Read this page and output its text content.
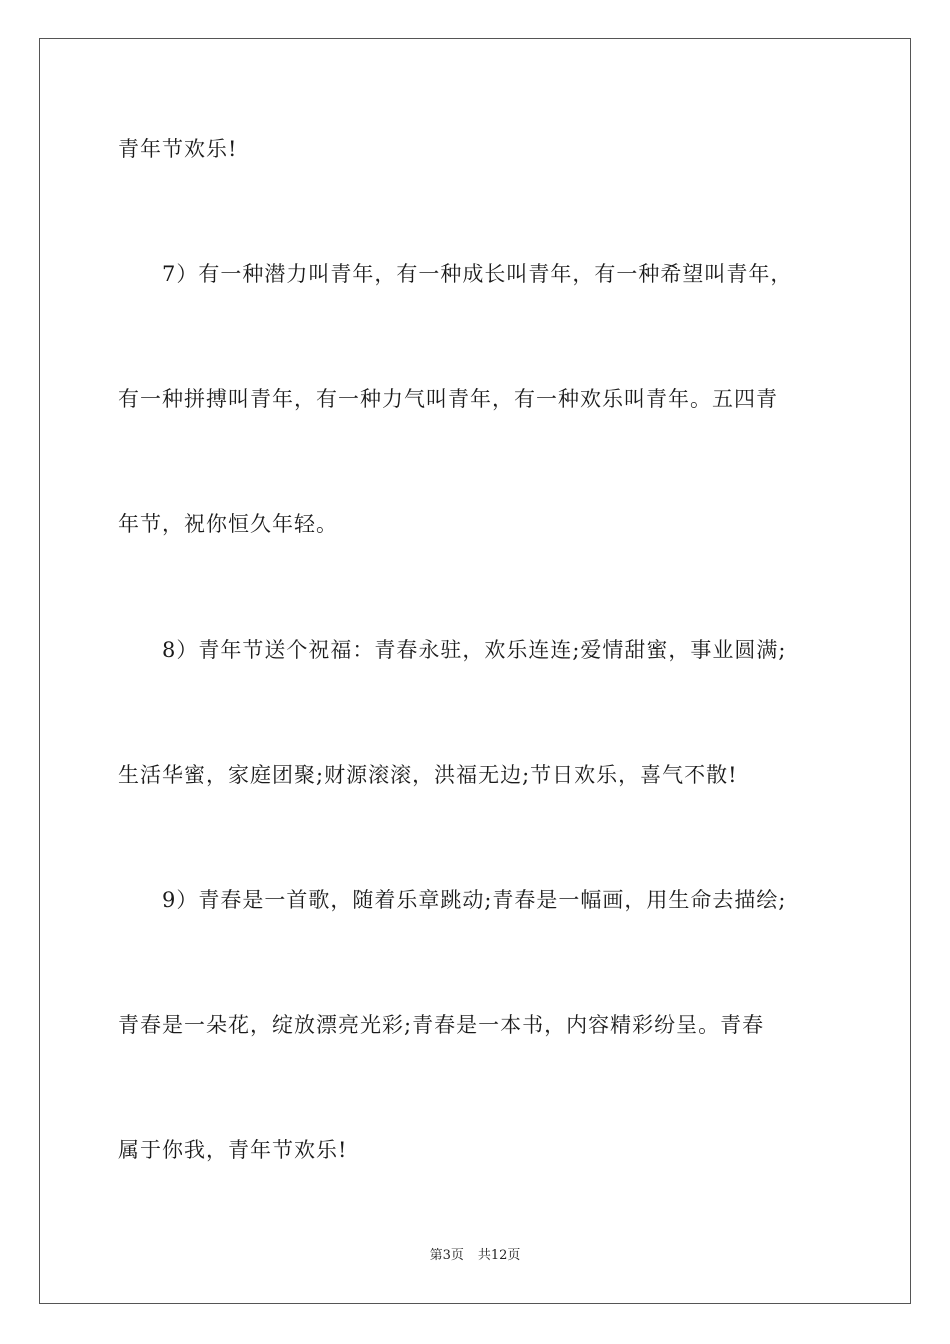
青年节欢乐!

7）有一种潜力叫青年，有一种成长叫青年，有一种希望叫青年，

有一种拼搏叫青年，有一种力气叫青年，有一种欢乐叫青年。五四青

年节，祝你恒久年轻。

8）青年节送个祝福：青春永驻，欢乐连连;爱情甜蜜，事业圆满;

生活华蜜，家庭团聚;财源滚滚，洪福无边;节日欢乐，喜气不散!

9）青春是一首歌，随着乐章跳动;青春是一幅画，用生命去描绘;

青春是一朵花，绽放漂亮光彩;青春是一本书，内容精彩纷呈。青春

属于你我，青年节欢乐!

第3页 共12页
